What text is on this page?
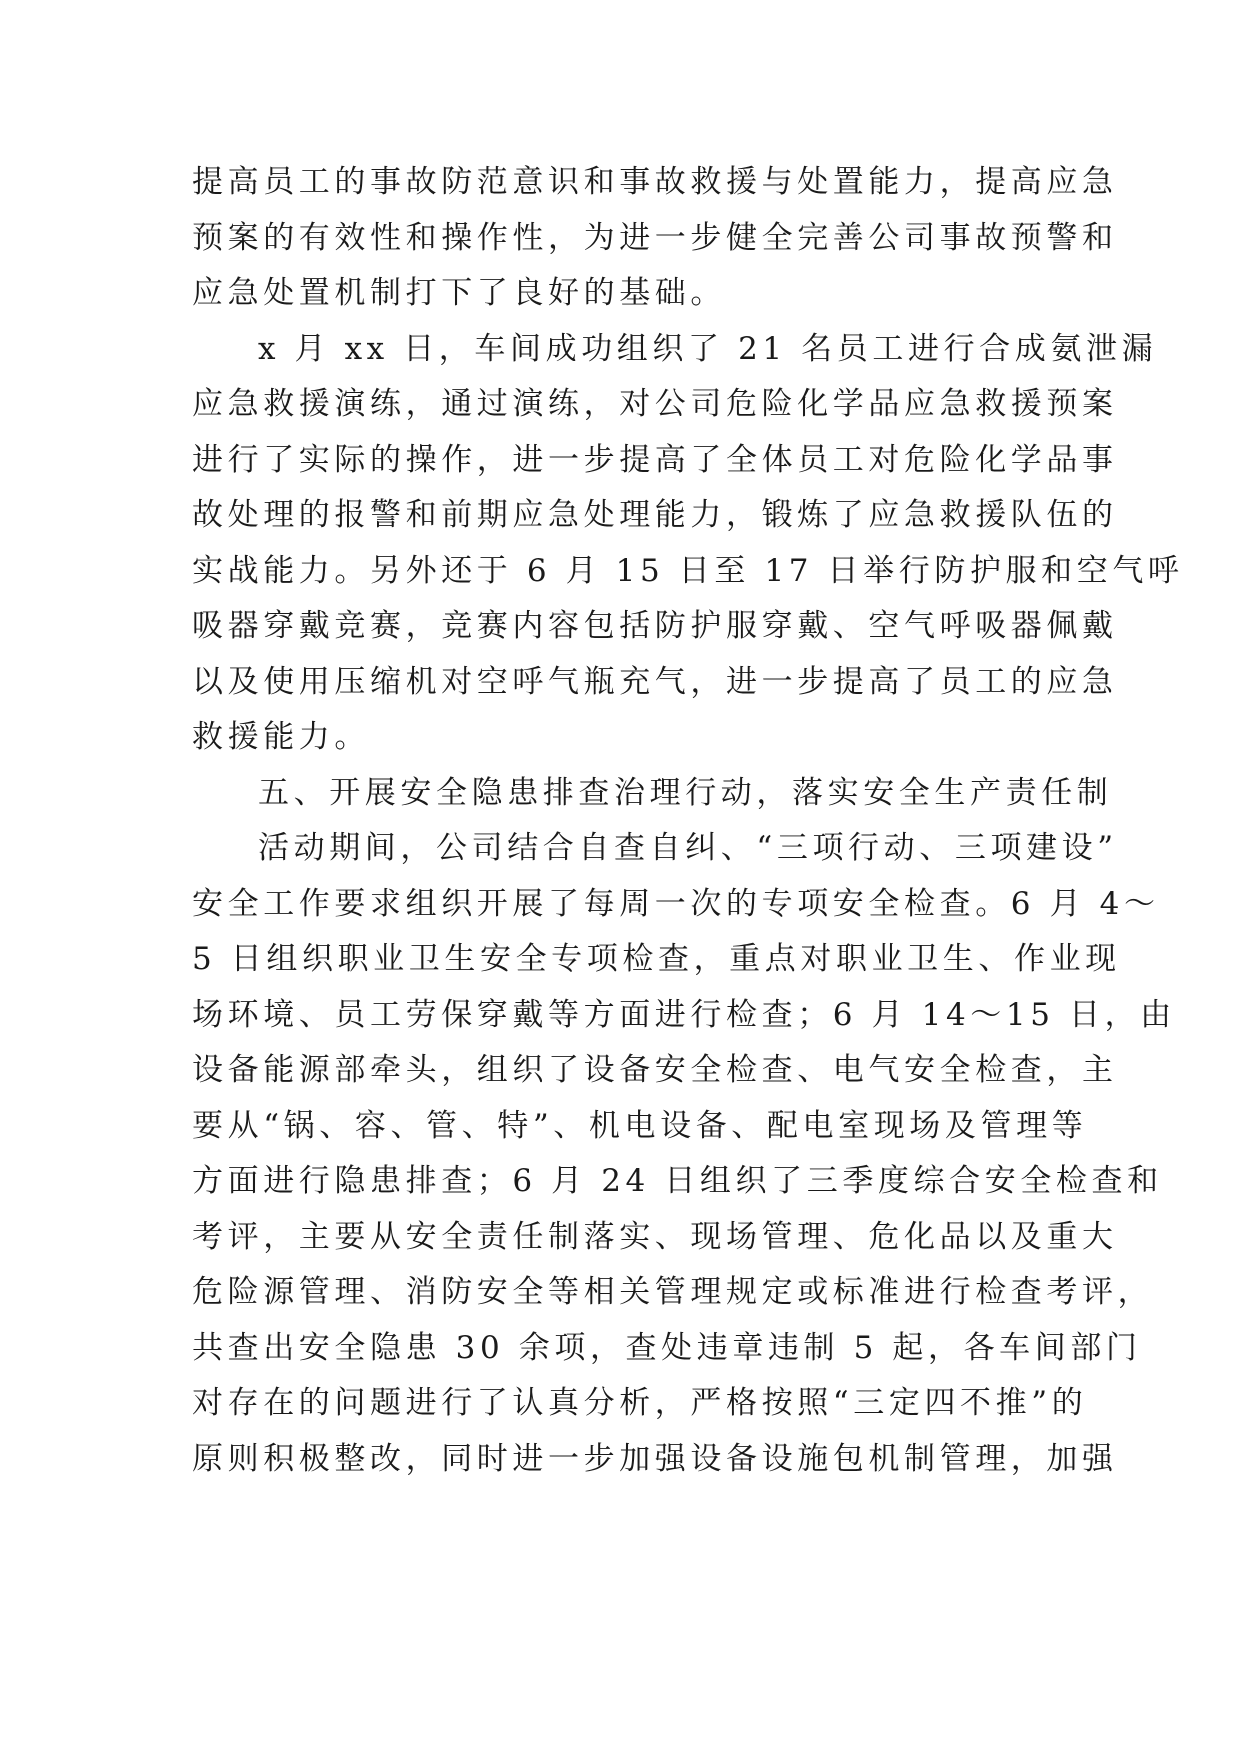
提高员工的事故防范意识和事故救援与处置能力，提高应急
预案的有效性和操作性，为进一步健全完善公司事故预警和
应急处置机制打下了良好的基础。
x 月 xx 日，车间成功组织了 21 名员工进行合成氨泄漏
应急救援演练，通过演练，对公司危险化学品应急救援预案
进行了实际的操作，进一步提高了全体员工对危险化学品事
故处理的报警和前期应急处理能力，锻炼了应急救援队伍的
实战能力。另外还于 6 月 15 日至 17 日举行防护服和空气呼
吸器穿戴竞赛，竞赛内容包括防护服穿戴、空气呼吸器佩戴
以及使用压缩机对空呼气瓶充气，进一步提高了员工的应急
救援能力。
五、开展安全隐患排查治理行动，落实安全生产责任制
活动期间，公司结合自查自纠、“三项行动、三项建设”
安全工作要求组织开展了每周一次的专项安全检查。6 月 4～
5 日组织职业卫生安全专项检查，重点对职业卫生、作业现
场环境、员工劳保穿戴等方面进行检查；6 月 14～15 日，由
设备能源部牵头，组织了设备安全检查、电气安全检查，主
要从“锅、容、管、特”、机电设备、配电室现场及管理等
方面进行隐患排查；6 月 24 日组织了三季度综合安全检查和
考评，主要从安全责任制落实、现场管理、危化品以及重大
危险源管理、消防安全等相关管理规定或标准进行检查考评，
共查出安全隐患 30 余项，查处违章违制 5 起，各车间部门
对存在的问题进行了认真分析，严格按照“三定四不推”的
原则积极整改，同时进一步加强设备设施包机制管理，加强
